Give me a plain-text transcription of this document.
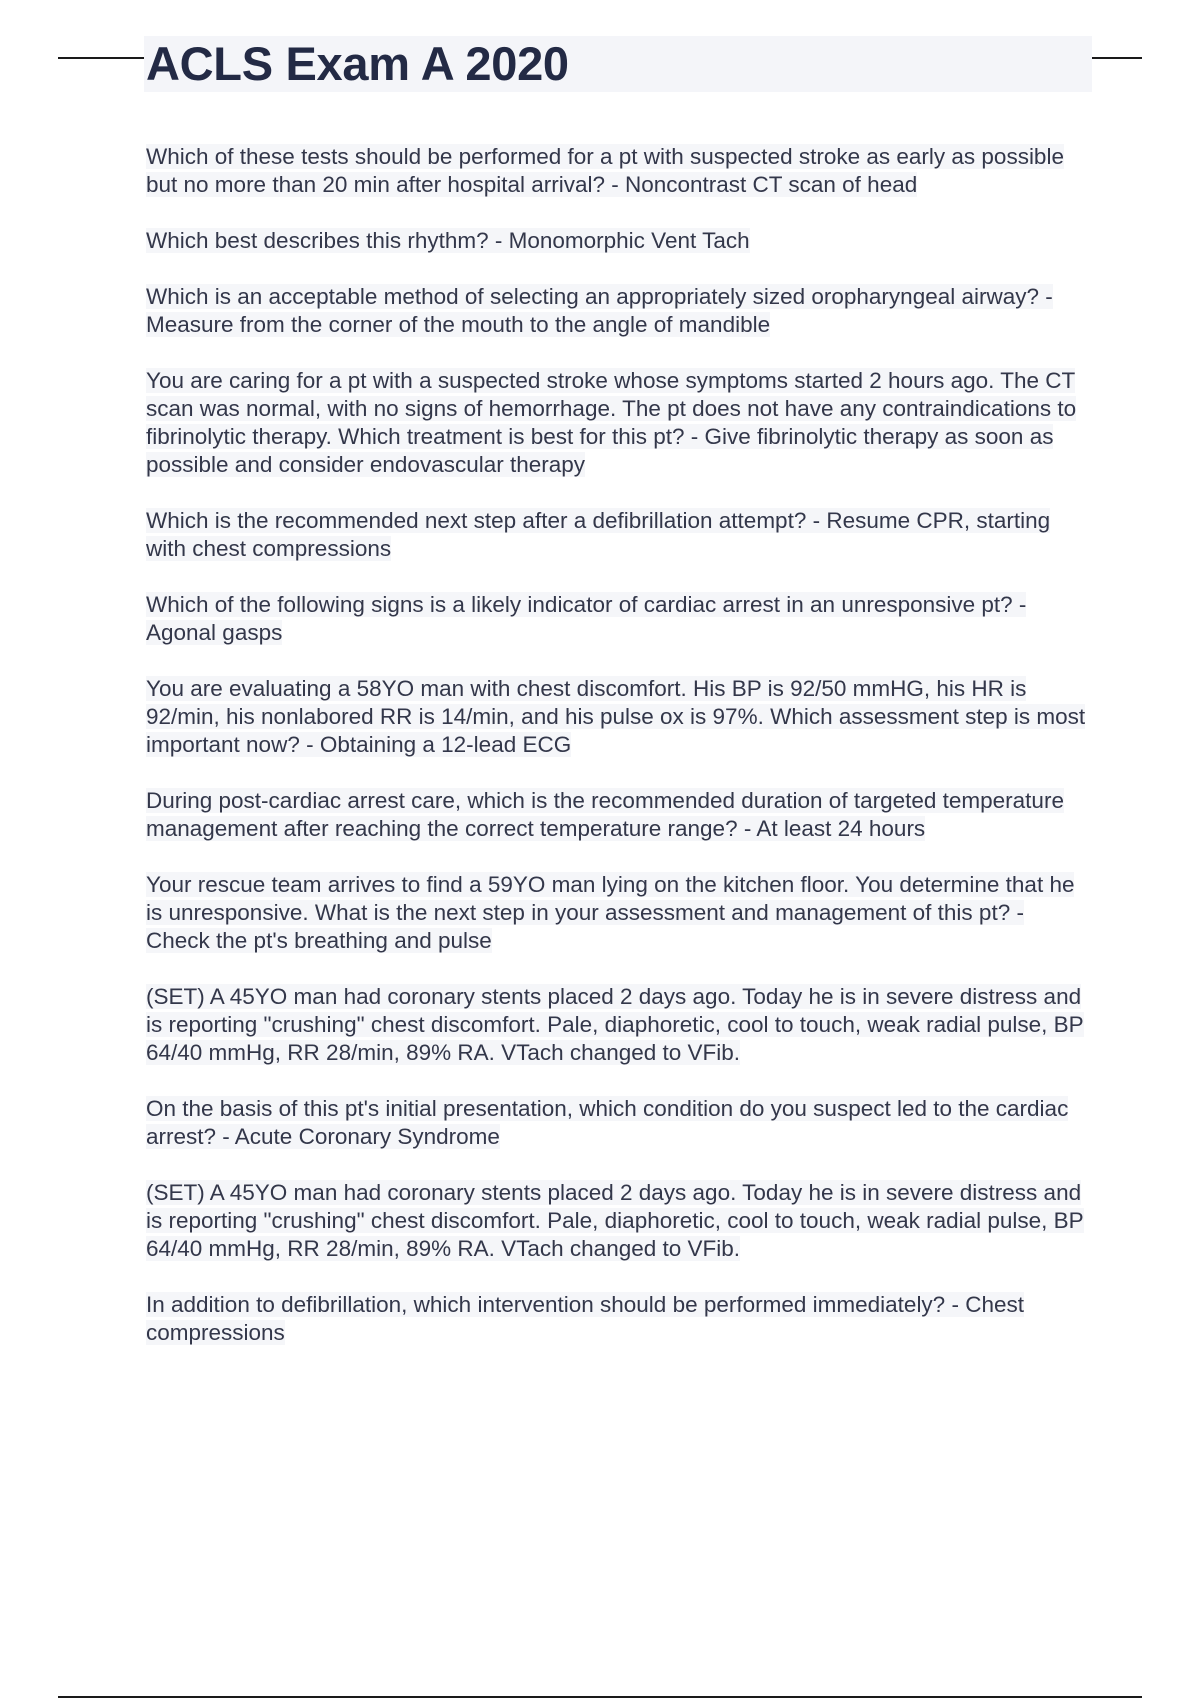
ACLS Exam A 2020

Which of these tests should be performed for a pt with suspected stroke as early as possible but no more than 20 min after hospital arrival? - Noncontrast CT scan of head

Which best describes this rhythm? - Monomorphic Vent Tach

Which is an acceptable method of selecting an appropriately sized oropharyngeal airway? - Measure from the corner of the mouth to the angle of mandible

You are caring for a pt with a suspected stroke whose symptoms started 2 hours ago. The CT scan was normal, with no signs of hemorrhage. The pt does not have any contraindications to fibrinolytic therapy. Which treatment is best for this pt? - Give fibrinolytic therapy as soon as possible and consider endovascular therapy

Which is the recommended next step after a defibrillation attempt? - Resume CPR, starting with chest compressions

Which of the following signs is a likely indicator of cardiac arrest in an unresponsive pt? - Agonal gasps

You are evaluating a 58YO man with chest discomfort. His BP is 92/50 mmHG, his HR is 92/min, his nonlabored RR is 14/min, and his pulse ox is 97%. Which assessment step is most important now? - Obtaining a 12-lead ECG

During post-cardiac arrest care, which is the recommended duration of targeted temperature management after reaching the correct temperature range? - At least 24 hours

Your rescue team arrives to find a 59YO man lying on the kitchen floor. You determine that he is unresponsive. What is the next step in your assessment and management of this pt? - Check the pt's breathing and pulse

(SET) A 45YO man had coronary stents placed 2 days ago. Today he is in severe distress and is reporting "crushing" chest discomfort. Pale, diaphoretic, cool to touch, weak radial pulse, BP 64/40 mmHg, RR 28/min, 89% RA. VTach changed to VFib.

On the basis of this pt's initial presentation, which condition do you suspect led to the cardiac arrest? - Acute Coronary Syndrome

(SET) A 45YO man had coronary stents placed 2 days ago. Today he is in severe distress and is reporting "crushing" chest discomfort. Pale, diaphoretic, cool to touch, weak radial pulse, BP 64/40 mmHg, RR 28/min, 89% RA. VTach changed to VFib.

In addition to defibrillation, which intervention should be performed immediately? - Chest compressions
